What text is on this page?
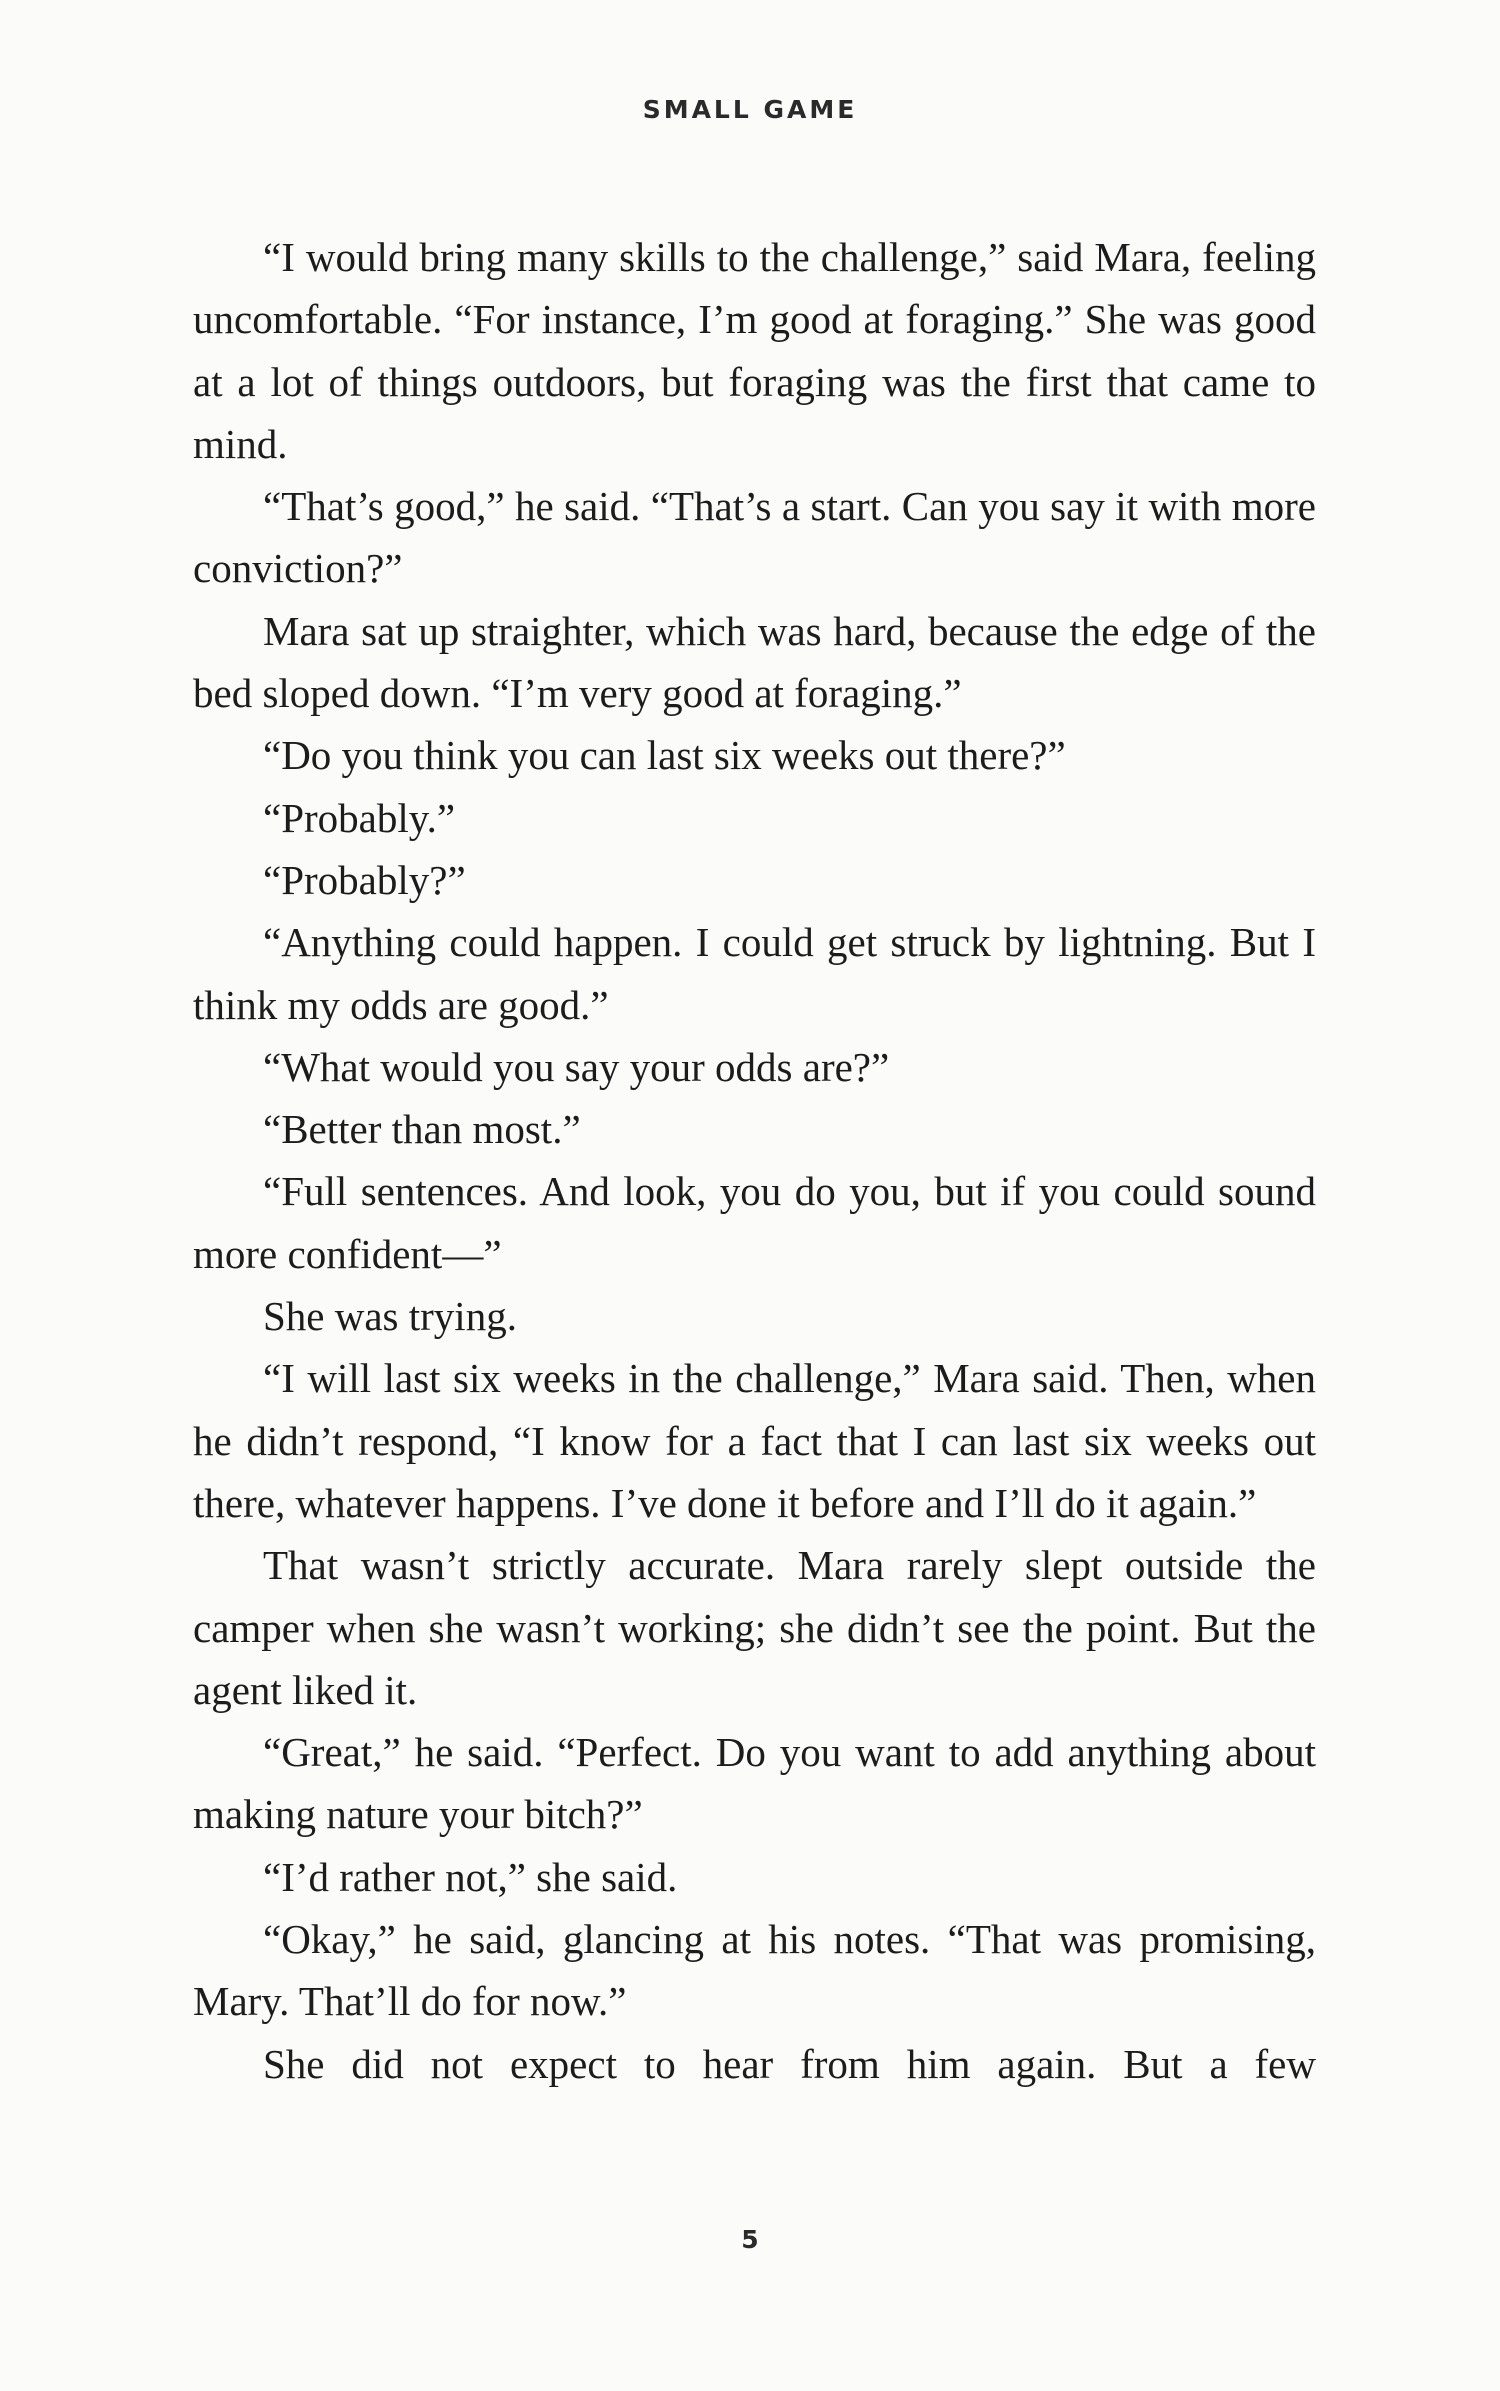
SMALL GAME

“I would bring many skills to the challenge,” said Mara, feeling uncomfortable. “For instance, I’m good at foraging.” She was good at a lot of things outdoors, but foraging was the first that came to mind.

“That’s good,” he said. “That’s a start. Can you say it with more conviction?”

Mara sat up straighter, which was hard, because the edge of the bed sloped down. “I’m very good at foraging.”

“Do you think you can last six weeks out there?”

“Probably.”

“Probably?”

“Anything could happen. I could get struck by lightning. But I think my odds are good.”

“What would you say your odds are?”

“Better than most.”

“Full sentences. And look, you do you, but if you could sound more confident—”

She was trying.

“I will last six weeks in the challenge,” Mara said. Then, when he didn’t respond, “I know for a fact that I can last six weeks out there, whatever happens. I’ve done it before and I’ll do it again.”

That wasn’t strictly accurate. Mara rarely slept outside the camper when she wasn’t working; she didn’t see the point. But the agent liked it.

“Great,” he said. “Perfect. Do you want to add anything about making nature your bitch?”

“I’d rather not,” she said.

“Okay,” he said, glancing at his notes. “That was promising, Mary. That’ll do for now.”

She did not expect to hear from him again. But a few

5
